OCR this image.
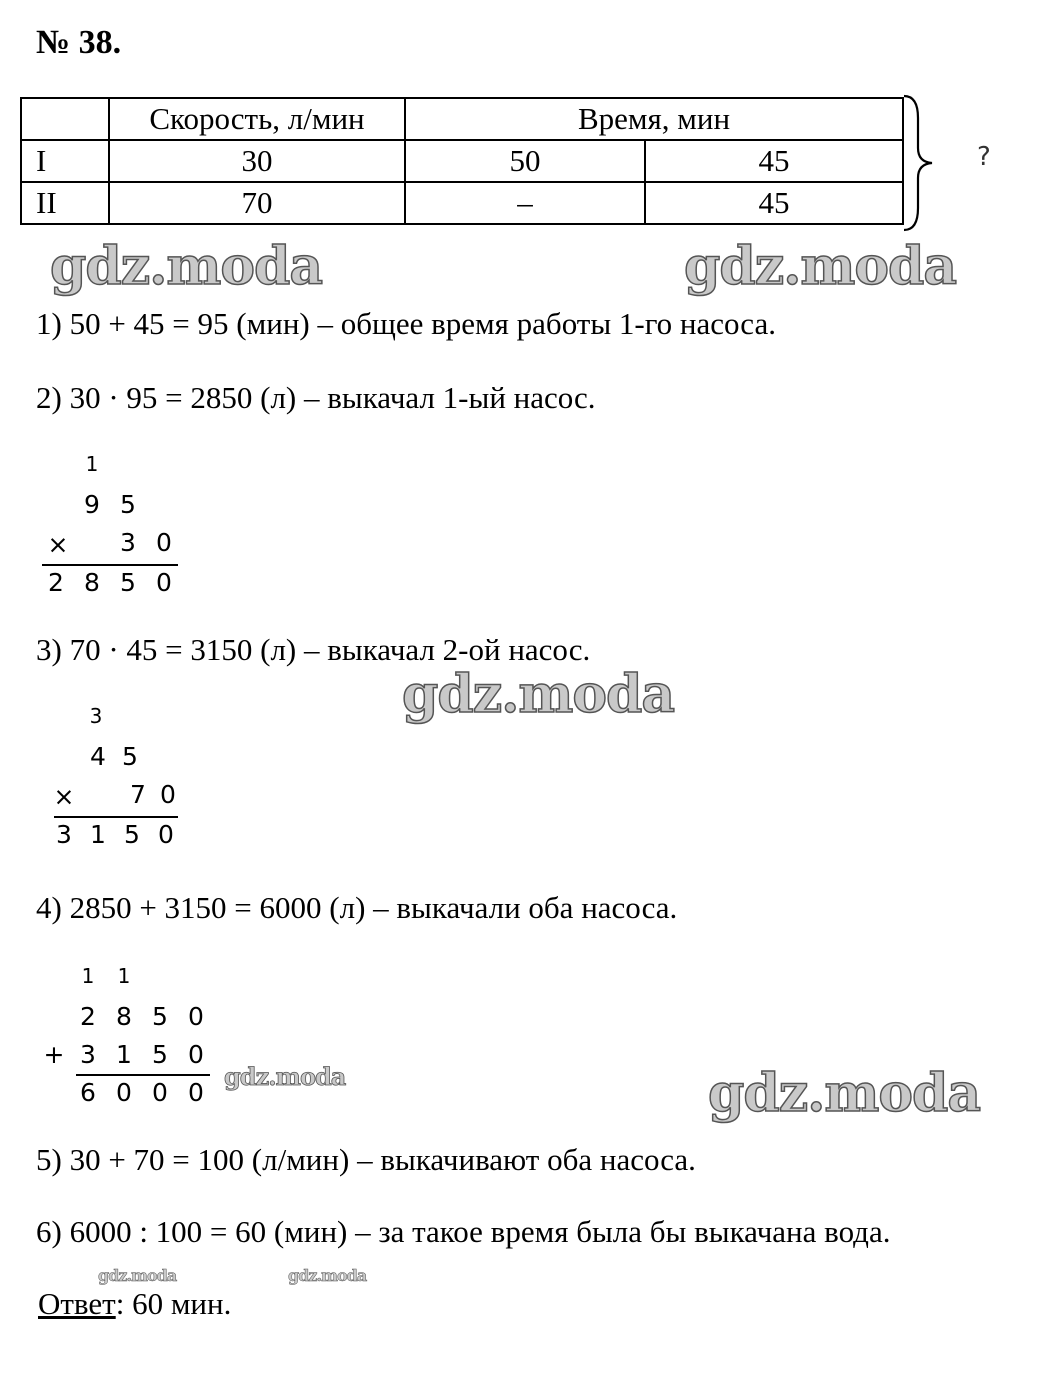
№ 38.
	Скорость, л/мин	Время, мин	
I	30	50	45
II	70	–	45
?
gdz.moda	gdz.moda
gdz.moda
gdz.moda
gdz.moda
gdz.moda	gdz.moda
1) 50 + 45 = 95 (мин) – общее время работы 1-го насоса.
2) 30 · 95 = 2850 (л) – выкачал 1-ый насос.
1
9 5
×	3 0
2 8 5 0
3) 70 · 45 = 3150 (л) – выкачал 2-ой насос.
3
4 5
×	7 0
3 1 5 0
4) 2850 + 3150 = 6000 (л) – выкачали оба насоса.
1	1
2 8 5 0
+ 3 1 5 0
6 0 0 0
5) 30 + 70 = 100 (л/мин) – выкачивают оба насоса.
6) 6000 : 100 = 60 (мин) – за такое время была бы выкачана вода.
Ответ: 60 мин.
